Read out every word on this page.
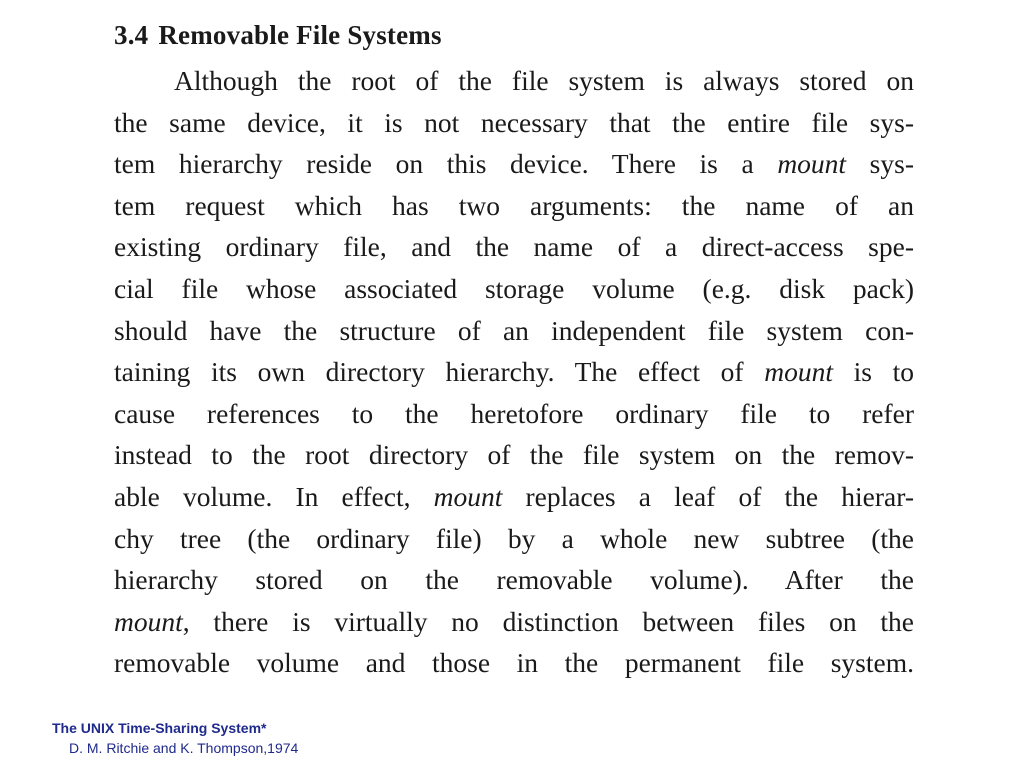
3.4 Removable File Systems
Although the root of the file system is always stored on
the same device, it is not necessary that the entire file sys-
tem hierarchy reside on this device. There is a mount sys-
tem request which has two arguments: the name of an
existing ordinary file, and the name of a direct-access spe-
cial file whose associated storage volume (e.g. disk pack)
should have the structure of an independent file system con-
taining its own directory hierarchy. The effect of mount is to
cause references to the heretofore ordinary file to refer
instead to the root directory of the file system on the remov-
able volume. In effect, mount replaces a leaf of the hierar-
chy tree (the ordinary file) by a whole new subtree (the
hierarchy stored on the removable volume). After the
mount, there is virtually no distinction between files on the
removable volume and those in the permanent file system.
The UNIX Time-Sharing System*
D. M. Ritchie and K. Thompson,1974
